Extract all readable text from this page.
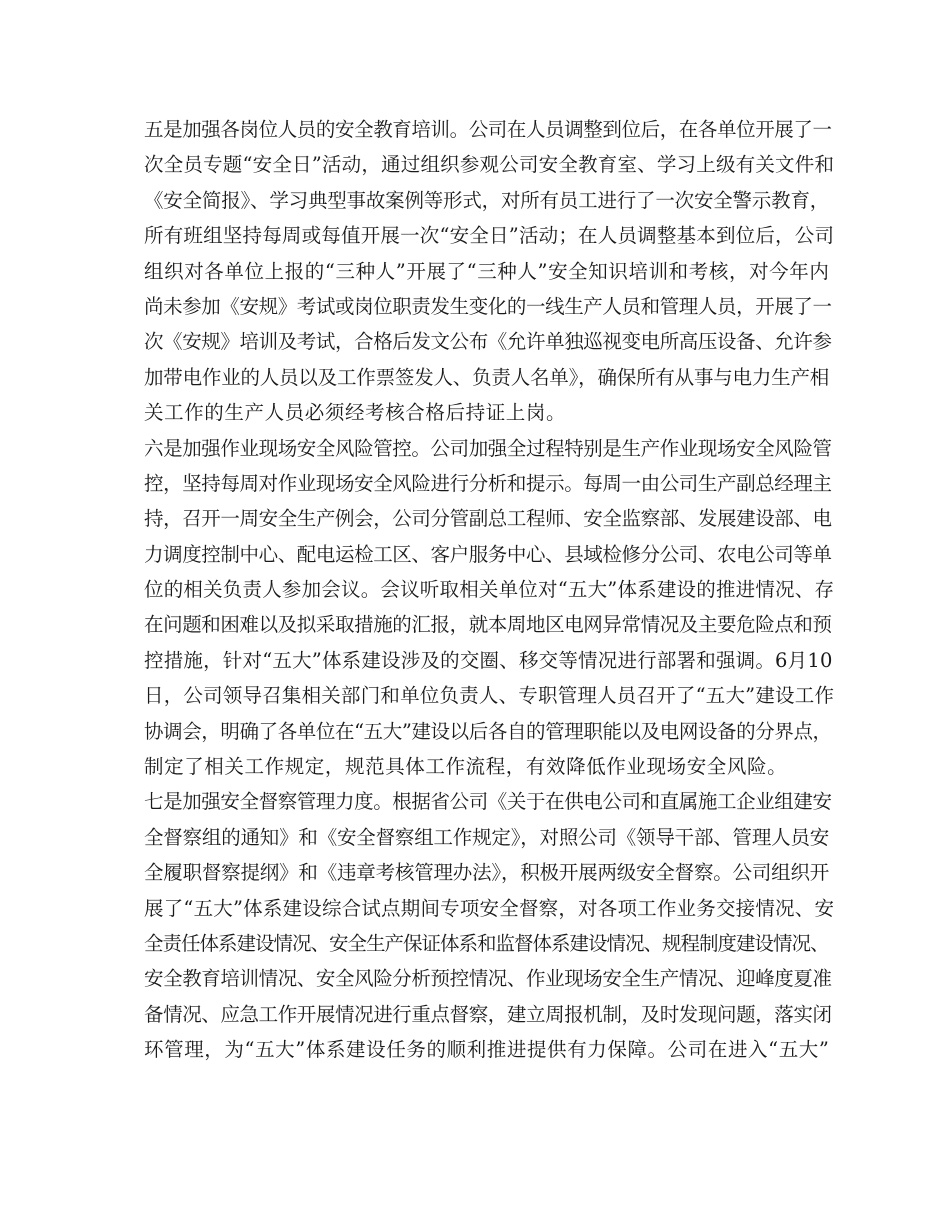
五是加强各岗位人员的安全教育培训。公司在人员调整到位后，在各单位开展了一
次全员专题“安全日”活动，通过组织参观公司安全教育室、学习上级有关文件和
《安全简报》、学习典型事故案例等形式，对所有员工进行了一次安全警示教育，
所有班组坚持每周或每值开展一次“安全日”活动；在人员调整基本到位后，公司
组织对各单位上报的“三种人”开展了“三种人”安全知识培训和考核，对今年内
尚未参加《安规》考试或岗位职责发生变化的一线生产人员和管理人员，开展了一
次《安规》培训及考试，合格后发文公布《允许单独巡视变电所高压设备、允许参
加带电作业的人员以及工作票签发人、负责人名单》，确保所有从事与电力生产相
关工作的生产人员必须经考核合格后持证上岗。
六是加强作业现场安全风险管控。公司加强全过程特别是生产作业现场安全风险管
控，坚持每周对作业现场安全风险进行分析和提示。每周一由公司生产副总经理主
持，召开一周安全生产例会，公司分管副总工程师、安全监察部、发展建设部、电
力调度控制中心、配电运检工区、客户服务中心、县域检修分公司、农电公司等单
位的相关负责人参加会议。会议听取相关单位对“五大”体系建设的推进情况、存
在问题和困难以及拟采取措施的汇报，就本周地区电网异常情况及主要危险点和预
控措施，针对“五大”体系建设涉及的交圈、移交等情况进行部署和强调。6月10
日，公司领导召集相关部门和单位负责人、专职管理人员召开了“五大”建设工作
协调会，明确了各单位在“五大”建设以后各自的管理职能以及电网设备的分界点，
制定了相关工作规定，规范具体工作流程，有效降低作业现场安全风险。
七是加强安全督察管理力度。根据省公司《关于在供电公司和直属施工企业组建安
全督察组的通知》和《安全督察组工作规定》，对照公司《领导干部、管理人员安
全履职督察提纲》和《违章考核管理办法》，积极开展两级安全督察。公司组织开
展了“五大”体系建设综合试点期间专项安全督察，对各项工作业务交接情况、安
全责任体系建设情况、安全生产保证体系和监督体系建设情况、规程制度建设情况、
安全教育培训情况、安全风险分析预控情况、作业现场安全生产情况、迎峰度夏准
备情况、应急工作开展情况进行重点督察，建立周报机制，及时发现问题，落实闭
环管理，为“五大”体系建设任务的顺利推进提供有力保障。公司在进入“五大”
